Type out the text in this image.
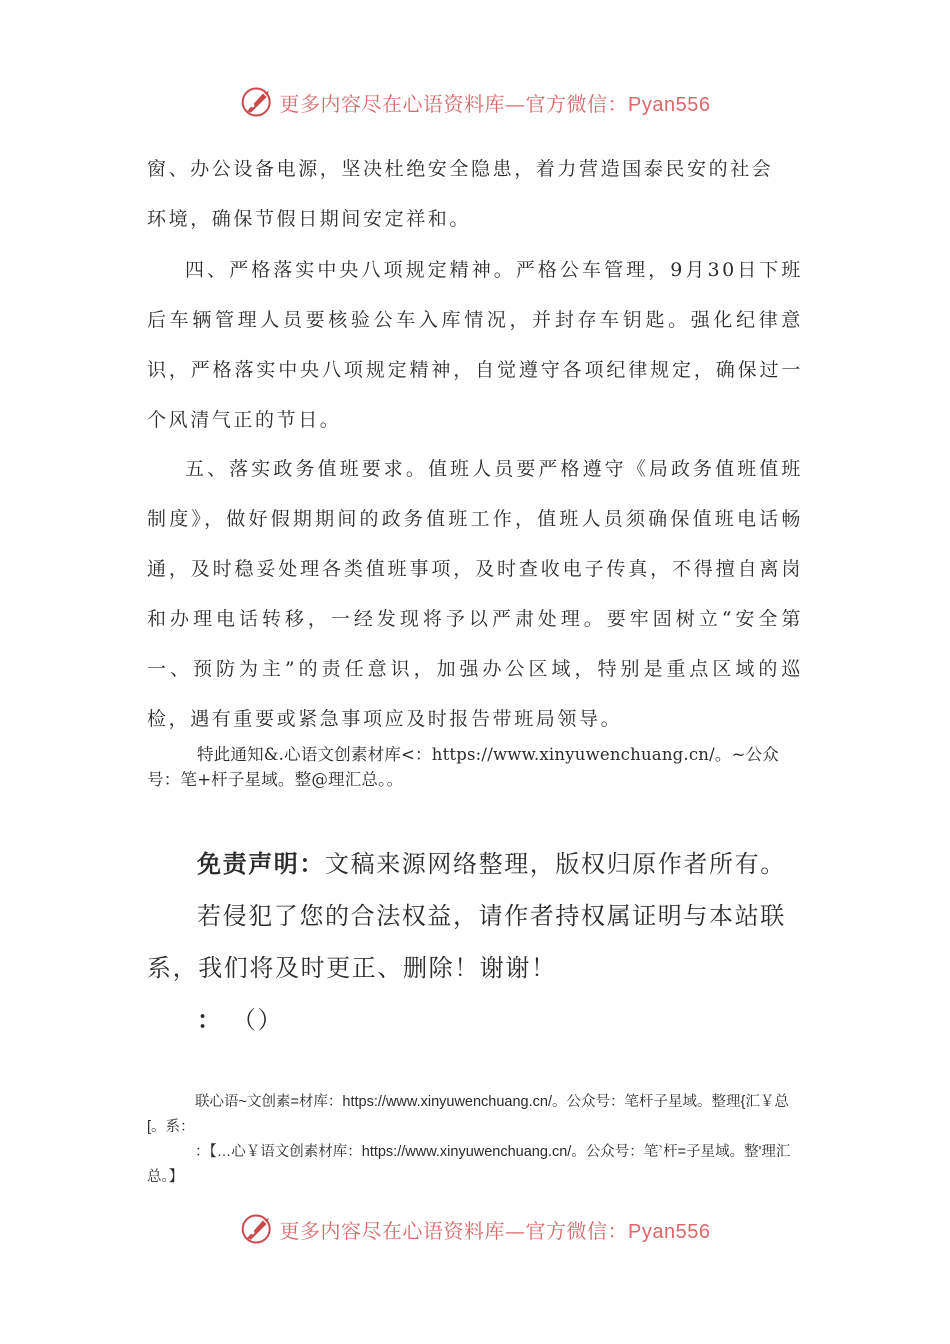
更多内容尽在心语资料库—官方微信：Pyan556

窗、办公设备电源，坚决杜绝安全隐患，着力营造国泰民安的社会

环境，确保节假日期间安定祥和。

四、严格落实中央八项规定精神。严格公车管理，9月30日下班后车辆管理人员要核验公车入库情况，并封存车钥匙。强化纪律意识，严格落实中央八项规定精神，自觉遵守各项纪律规定，确保过一个风清气正的节日。

五、落实政务值班要求。值班人员要严格遵守《局政务值班值班制度》，做好假期期间的政务值班工作，值班人员须确保值班电话畅通，及时稳妥处理各类值班事项，及时查收电子传真，不得擅自离岗和办理电话转移，一经发现将予以严肃处理。要牢固树立“安全第一、预防为主”的责任意识，加强办公区域，特别是重点区域的巡检，遇有重要或紧急事项应及时报告带班局领导。

特此通知&.心语文创素材库<：https://www.xinyuwenchuang.cn/。~公众号：笔+杆子星域。整@理汇总。。

免责声明：文稿来源网络整理，版权归原作者所有。

若侵犯了您的合法权益，请作者持权属证明与本站联系，我们将及时更正、删除！谢谢！

： （）

联心语~文创素=材库：https://www.xinyuwenchuang.cn/。公众号：笔杆子星域。整理{汇￥总[。系：

：【…心￥语文创素材库：https://www.xinyuwenchuang.cn/。公众号：笔`杆=子星域。整'理汇总。】

更多内容尽在心语资料库—官方微信：Pyan556
